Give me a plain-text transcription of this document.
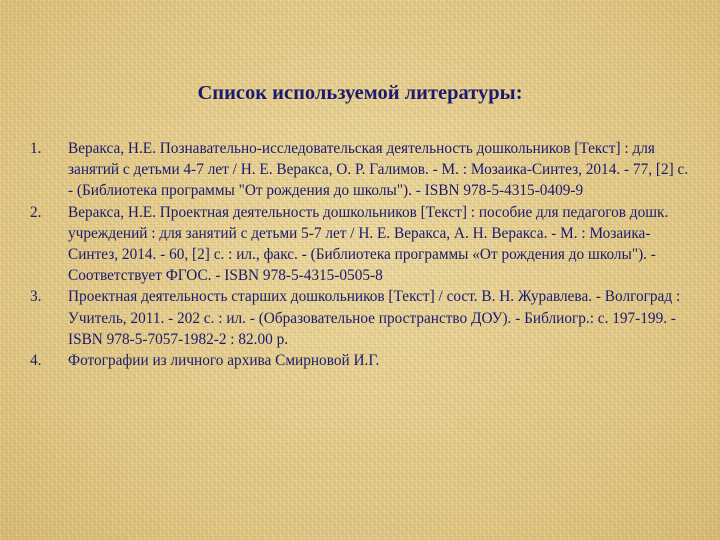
Список используемой литературы:
1.	Веракса, Н.Е. Познавательно-исследовательская деятельность дошкольников [Текст] : для занятий с детьми 4-7 лет / Н. Е. Веракса, О. Р. Галимов. - М. : Мозаика-Синтез, 2014. - 77, [2] с. - (Библиотека программы "От рождения до школы"). - ISBN 978-5-4315-0409-9
2.	Веракса, Н.Е. Проектная деятельность дошкольников [Текст] : пособие для педагогов дошк. учреждений : для занятий с детьми 5-7 лет / Н. Е. Веракса, А. Н. Веракса. - М. : Мозаика-Синтез, 2014. - 60, [2] с. : ил., факс. - (Библиотека программы «От рождения до школы"). - Соответствует ФГОС. - ISBN 978-5-4315-0505-8
3.	Проектная деятельность старших дошкольников [Текст] / сост. В. Н. Журавлева. - Волгоград : Учитель, 2011. - 202 с. : ил. - (Образовательное пространство ДОУ). - Библиогр.: с. 197-199. - ISBN 978-5-7057-1982-2 : 82.00 р.
4.	Фотографии из личного архива Смирновой И.Г.
